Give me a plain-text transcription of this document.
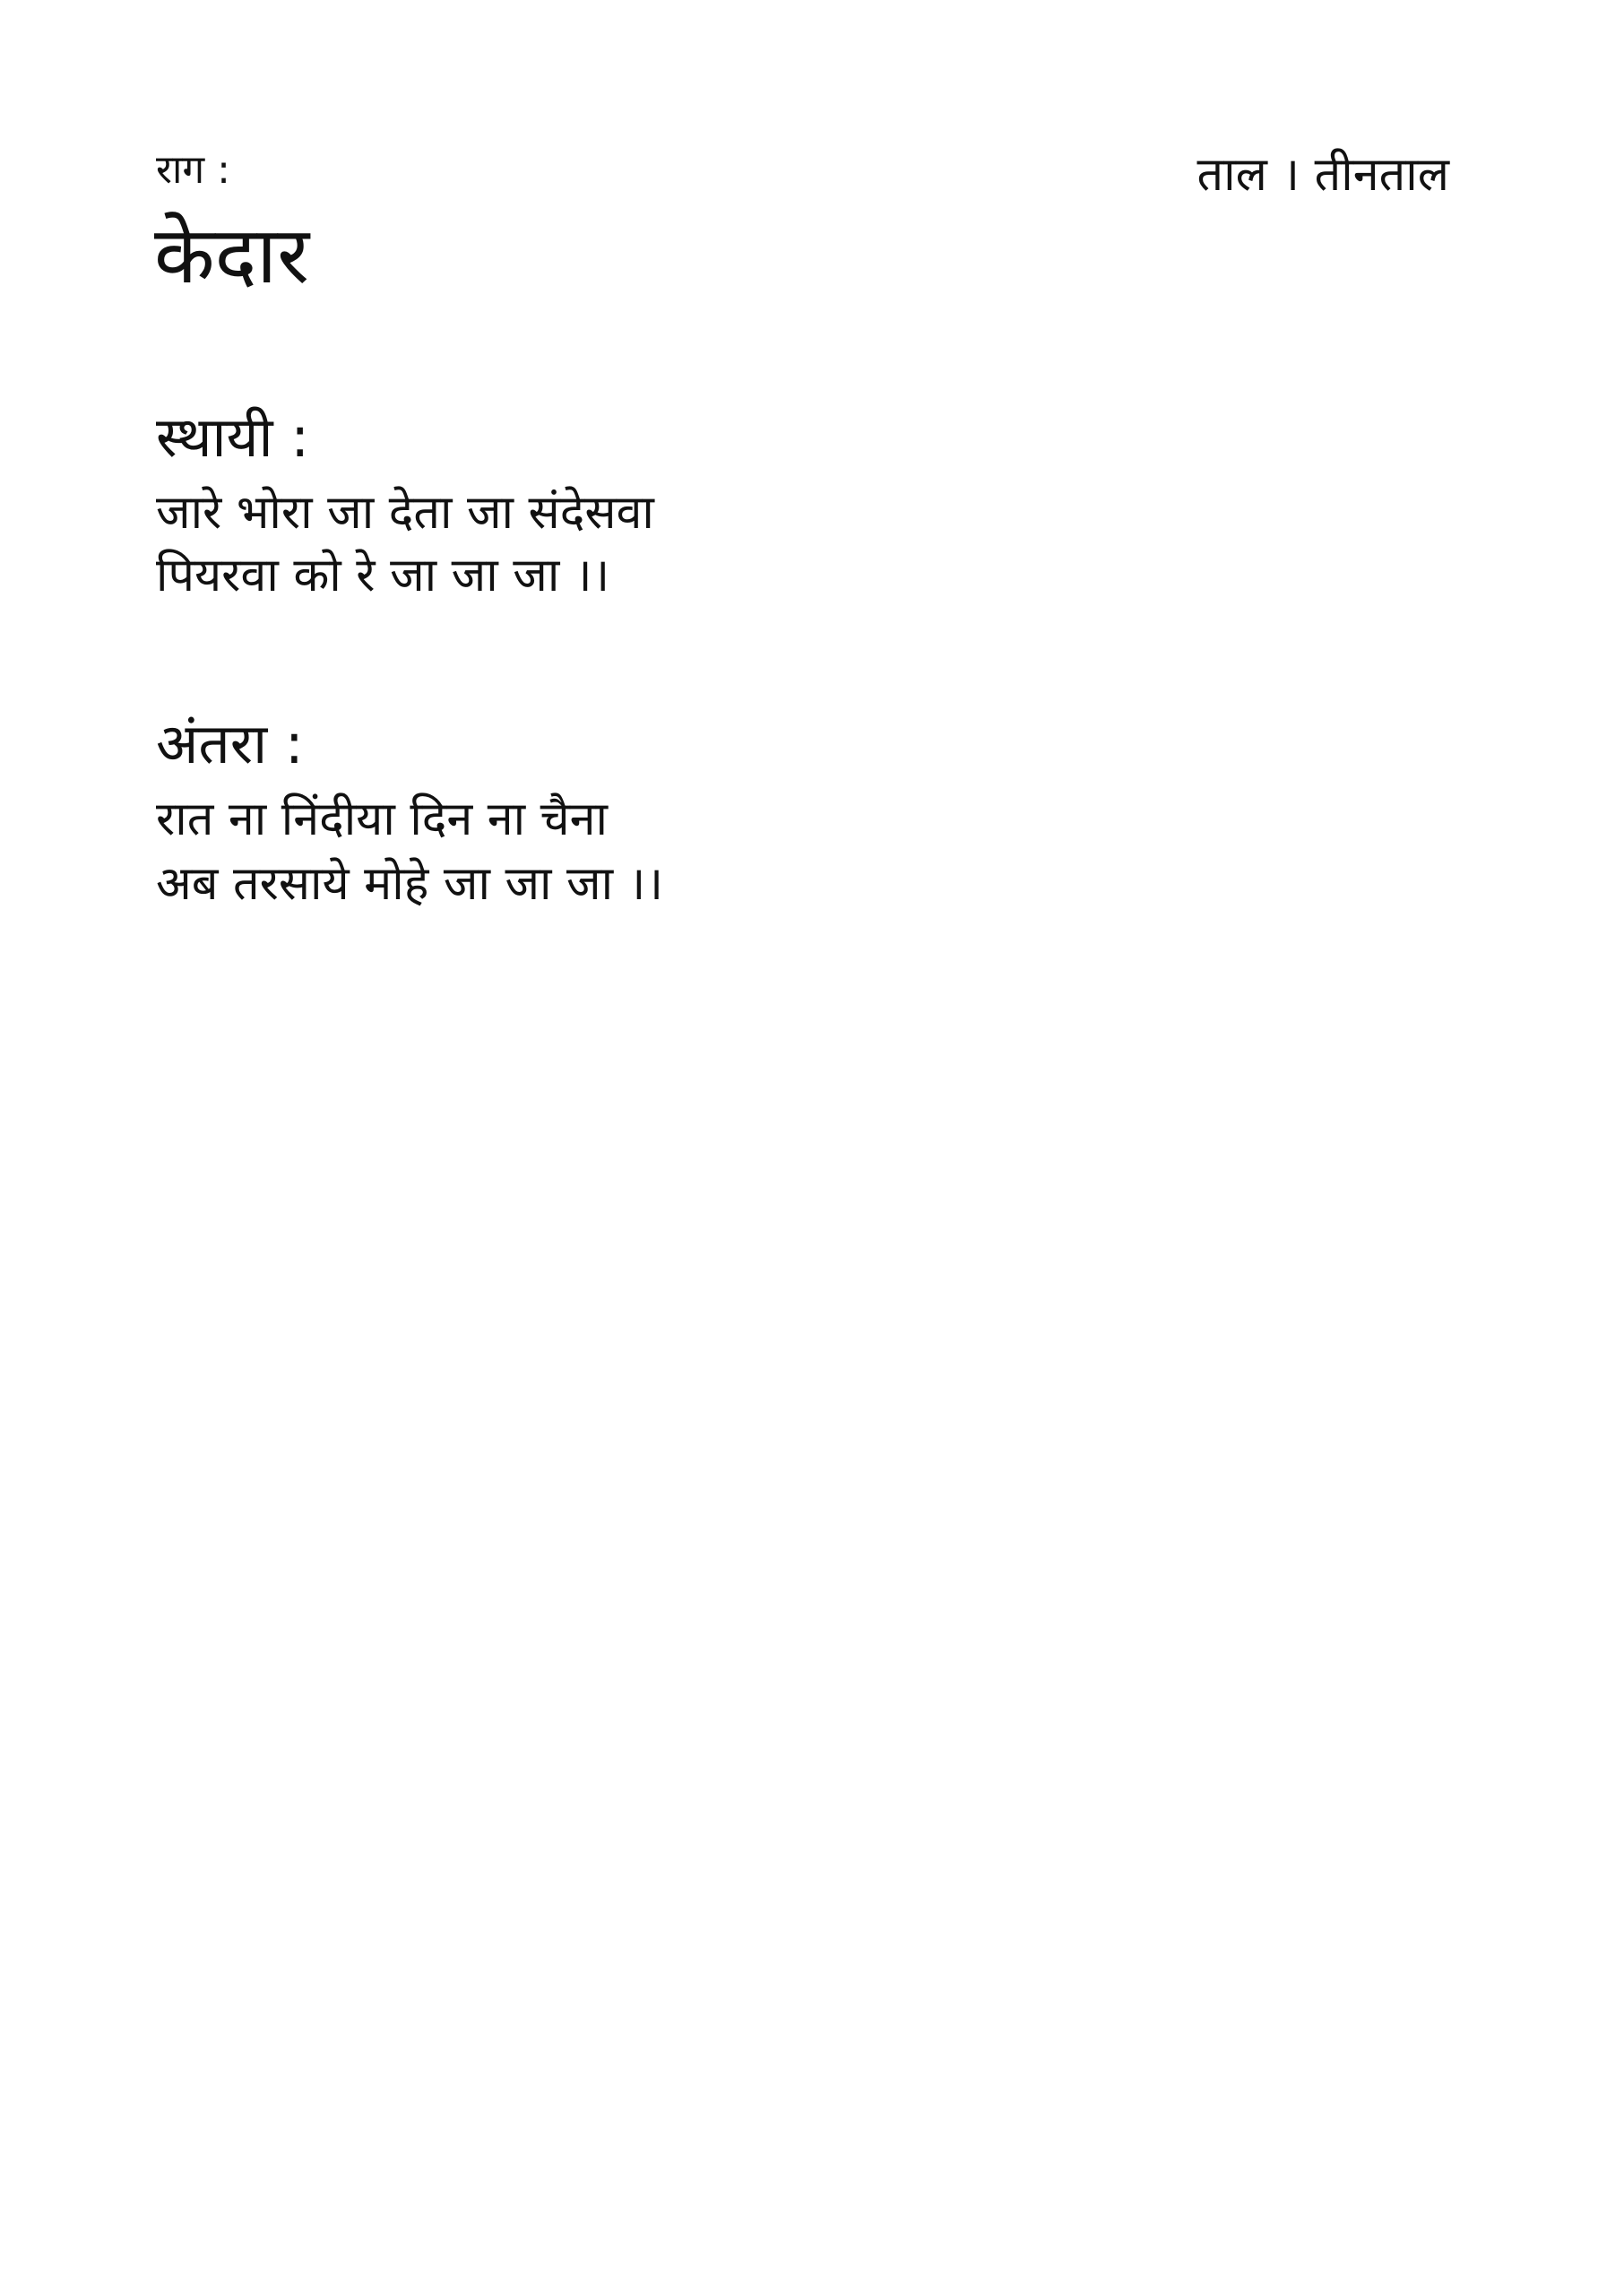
राग :
केदार
ताल । तीनताल
स्थायी :
जारे भोरा जा देता जा संदेसवा
पियरवा को रे जा जा जा ।।
अंतरा :
रात ना निंदीया दिन ना चैना
अब तरसाये मोहे जा जा जा ।।
